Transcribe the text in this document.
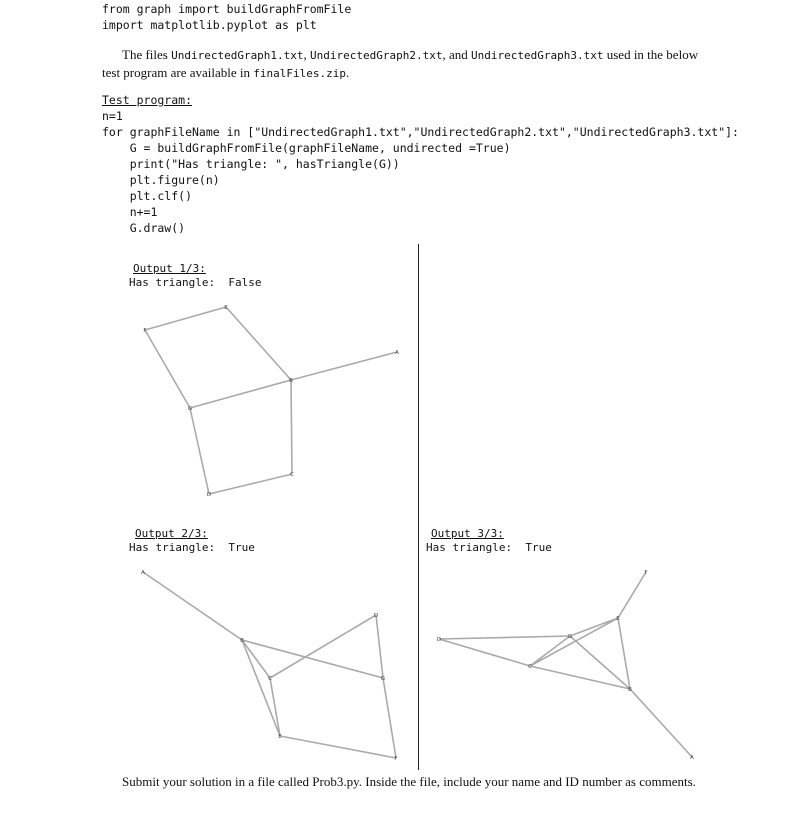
from graph import buildGraphFromFile
import matplotlib.pyplot as plt
The files UndirectedGraph1.txt, UndirectedGraph2.txt, and UndirectedGraph3.txt used in the below test program are available in finalFiles.zip.
Test program:
n=1
for graphFileName in ["UndirectedGraph1.txt","UndirectedGraph2.txt","UndirectedGraph3.txt"]:
G = buildGraphFromFile(graphFileName, undirected =True)
print("Has triangle: ", hasTriangle(G))
plt.figure(n)
plt.clf()
n+=1
G.draw()
Output 1/3:
Has triangle: False
Output 2/3:
Has triangle: True
Output 3/3:
Has triangle: True
E
F
A
B
G
C
D
A
B
D
C	G
E
F
F
E
D	G
C
B
A
Submit your solution in a file called Prob3.py. Inside the file, include your name and ID number as comments.
